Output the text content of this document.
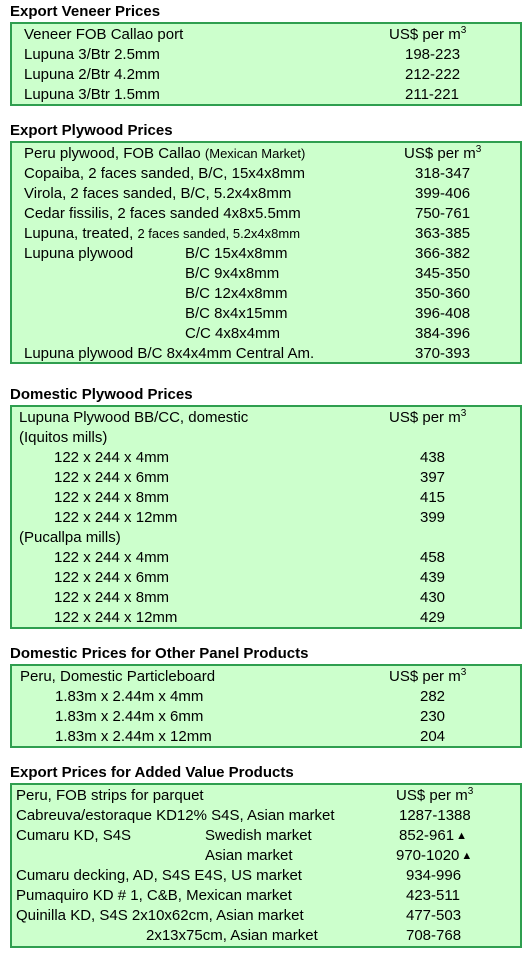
Export Veneer Prices
Veneer FOB Callao port	US$ per $m^3$
Lupuna 3/Btr 2.5mm	198-223
Lupuna 2/Btr 4.2mm	212-222
Lupuna 3/Btr 1.5mm	211-221
Export Plywood Prices
Peru plywood, FOB Callao (Mexican Market)	US$ per $m^3$
Copaiba, 2 faces sanded, B/C, 15x4x8mm	318-347
Virola, 2 faces sanded, B/C, 5.2x4x8mm	399-406
Cedar fissilis, 2 faces sanded 4x8x5.5mm	750-761
Lupuna, treated, 2 faces sanded, 5.2x4x8mm	363-385
Lupuna plywood	B/C 15x4x8mm	366-382
B/C 9x4x8mm	345-350
B/C 12x4x8mm	350-360
B/C 8x4x15mm	396-408
C/C 4x8x4mm	384-396
Lupuna plywood B/C 8x4x4mm Central Am.	370-393
Domestic Plywood Prices
Lupuna Plywood BB/CC, domestic	US$ per $m^3$
(Iquitos mills)
122 x 244 x 4mm	438
122 x 244 x 6mm	397
122 x 244 x 8mm	415
122 x 244 x 12mm	399
(Pucallpa mills)
122 x 244 x 4mm	458
122 x 244 x 6mm	439
122 x 244 x 8mm	430
122 x 244 x 12mm	429
Domestic Prices for Other Panel Products
Peru, Domestic Particleboard	US$ per $m^3$
1.83m x 2.44m x 4mm	282
1.83m x 2.44m x 6mm	230
1.83m x 2.44m x 12mm	204
Export Prices for Added Value Products
Peru, FOB strips for parquet	US$ per $m^3$
Cabreuva/estoraque KD12% S4S, Asian market	1287-1388
Cumaru KD, S4S	Swedish market	852-961 ▲
Asian market	970-1020 ▲
Cumaru decking, AD, S4S E4S, US market	934-996
Pumaquiro KD # 1, C&B, Mexican market	423-511
Quinilla KD, S4S 2x10x62cm, Asian market	477-503
2x13x75cm, Asian market	708-768
